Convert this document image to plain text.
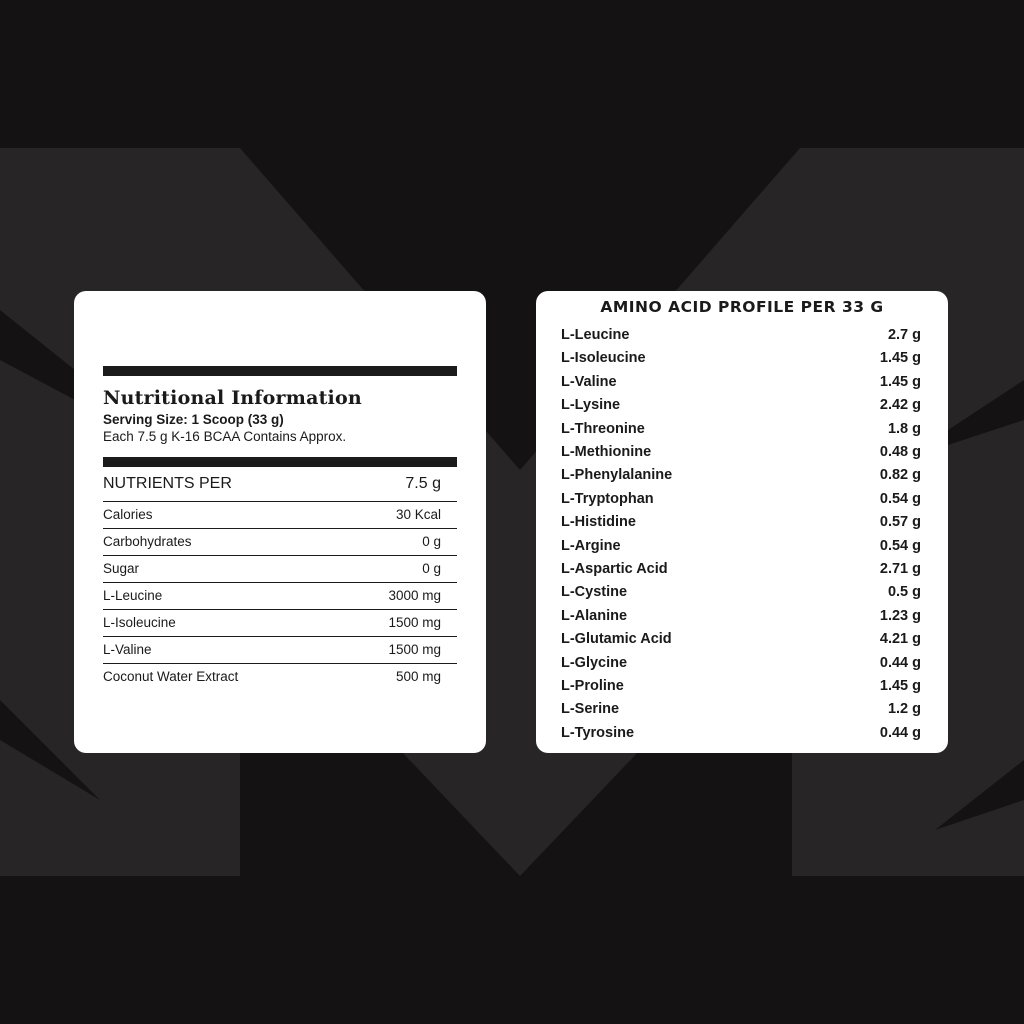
Nutritional Information
Serving Size: 1 Scoop (33 g)
Each 7.5 g K-16 BCAA Contains Approx.
NUTRIENTS PER	7.5 g
Calories	30 Kcal
Carbohydrates	0 g
Sugar	0 g
L-Leucine	3000 mg
L-Isoleucine	1500 mg
L-Valine	1500 mg
Coconut Water Extract	500 mg
AMINO ACID PROFILE PER 33 G
L-Leucine	2.7 g
L-Isoleucine	1.45 g
L-Valine	1.45 g
L-Lysine	2.42 g
L-Threonine	1.8 g
L-Methionine	0.48 g
L-Phenylalanine	0.82 g
L-Tryptophan	0.54 g
L-Histidine	0.57 g
L-Argine	0.54 g
L-Aspartic Acid	2.71 g
L-Cystine	0.5 g
L-Alanine	1.23 g
L-Glutamic Acid	4.21 g
L-Glycine	0.44 g
L-Proline	1.45 g
L-Serine	1.2 g
L-Tyrosine	0.44 g
